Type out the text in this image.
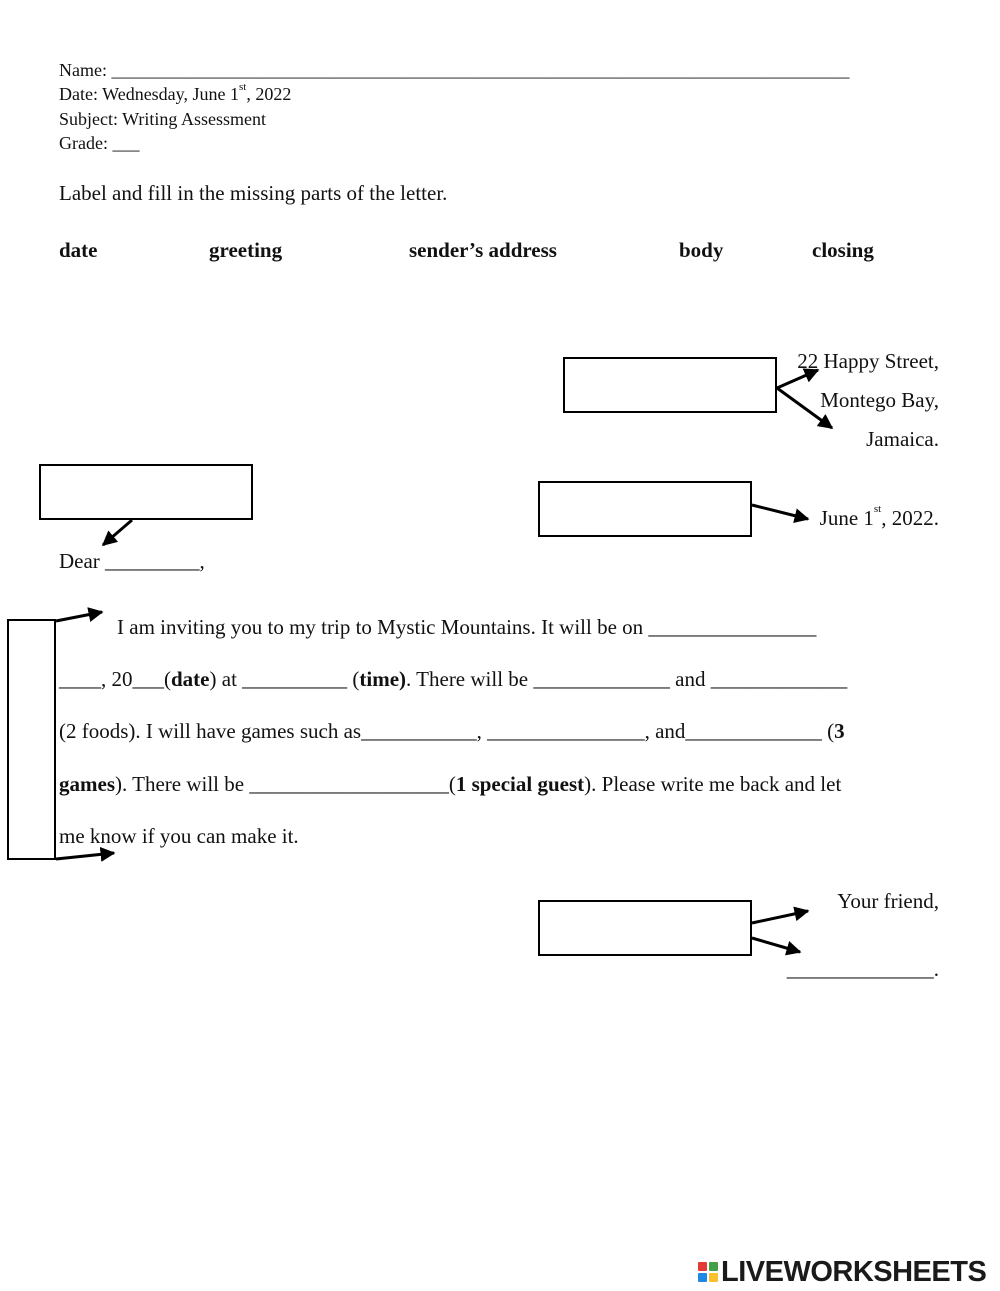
Name: __________________________________________________________________________________
Date: Wednesday, June 1st, 2022
Subject: Writing Assessment
Grade: ___
Label and fill in the missing parts of the letter.
date	greeting	sender’s address	body	closing
22 Happy Street,
Montego Bay,
Jamaica.
June 1st, 2022.
Dear _________,
I am inviting you to my trip to Mystic Mountains. It will be on ________________
____, 20___(date) at __________ (time). There will be _____________ and _____________
(2 foods). I will have games such as___________, _______________, and_____________ (3
games). There will be ___________________(1 special guest). Please write me back and let
me know if you can make it.
Your friend,
______________.
LIVEWORKSHEETS
